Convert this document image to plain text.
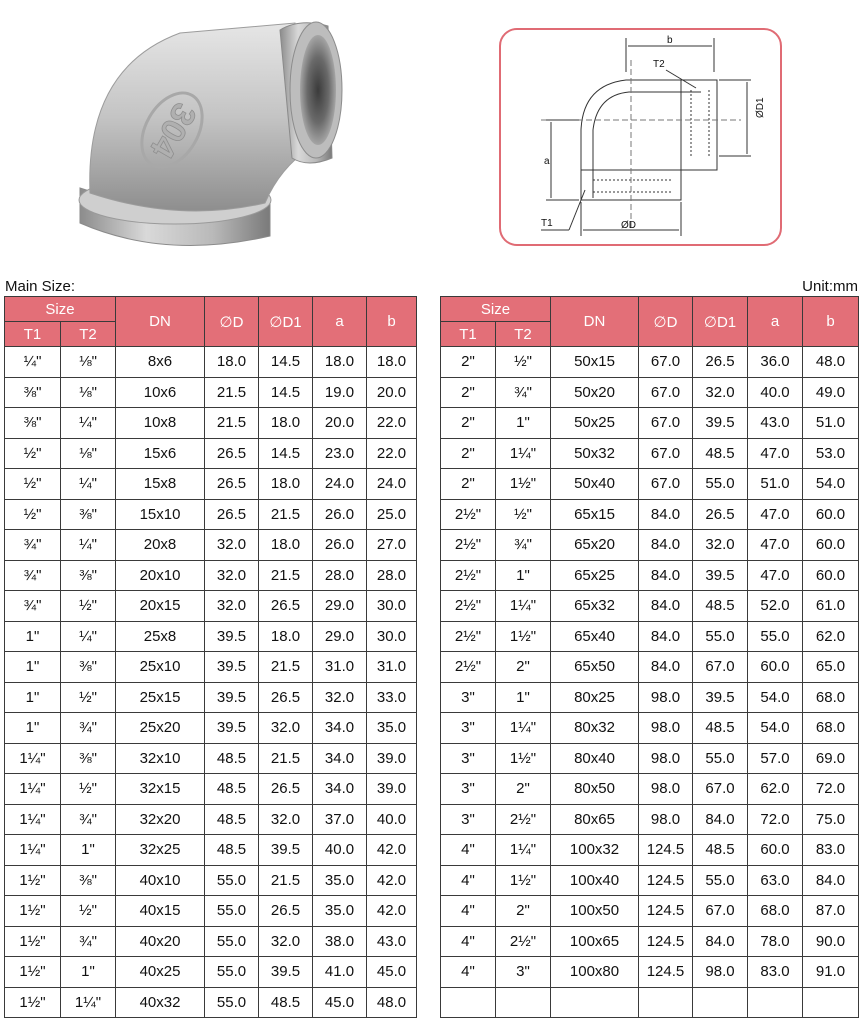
304
b
T2
ØD1
a
T1	ØD
Main Size:	Unit:mm
Size		DN	∅D	∅D1	a	b
T1	T2					
¼"	⅛"	8x6	18.0	14.5	18.0	18.0
⅜"	⅛"	10x6	21.5	14.5	19.0	20.0
⅜"	¼"	10x8	21.5	18.0	20.0	22.0
½"	⅛"	15x6	26.5	14.5	23.0	22.0
½"	¼"	15x8	26.5	18.0	24.0	24.0
½"	⅜"	15x10	26.5	21.5	26.0	25.0
¾"	¼"	20x8	32.0	18.0	26.0	27.0
¾"	⅜"	20x10	32.0	21.5	28.0	28.0
¾"	½"	20x15	32.0	26.5	29.0	30.0
1"	¼"	25x8	39.5	18.0	29.0	30.0
1"	⅜"	25x10	39.5	21.5	31.0	31.0
1"	½"	25x15	39.5	26.5	32.0	33.0
1"	¾"	25x20	39.5	32.0	34.0	35.0
1¼"	⅜"	32x10	48.5	21.5	34.0	39.0
1¼"	½"	32x15	48.5	26.5	34.0	39.0
1¼"	¾"	32x20	48.5	32.0	37.0	40.0
1¼"	1"	32x25	48.5	39.5	40.0	42.0
1½"	⅜"	40x10	55.0	21.5	35.0	42.0
1½"	½"	40x15	55.0	26.5	35.0	42.0
1½"	¾"	40x20	55.0	32.0	38.0	43.0
1½"	1"	40x25	55.0	39.5	41.0	45.0
1½"	1¼"	40x32	55.0	48.5	45.0	48.0
Size		DN	∅D	∅D1	a	b
T1	T2					
2"	½"	50x15	67.0	26.5	36.0	48.0
2"	¾"	50x20	67.0	32.0	40.0	49.0
2"	1"	50x25	67.0	39.5	43.0	51.0
2"	1¼"	50x32	67.0	48.5	47.0	53.0
2"	1½"	50x40	67.0	55.0	51.0	54.0
2½"	½"	65x15	84.0	26.5	47.0	60.0
2½"	¾"	65x20	84.0	32.0	47.0	60.0
2½"	1"	65x25	84.0	39.5	47.0	60.0
2½"	1¼"	65x32	84.0	48.5	52.0	61.0
2½"	1½"	65x40	84.0	55.0	55.0	62.0
2½"	2"	65x50	84.0	67.0	60.0	65.0
3"	1"	80x25	98.0	39.5	54.0	68.0
3"	1¼"	80x32	98.0	48.5	54.0	68.0
3"	1½"	80x40	98.0	55.0	57.0	69.0
3"	2"	80x50	98.0	67.0	62.0	72.0
3"	2½"	80x65	98.0	84.0	72.0	75.0
4"	1¼"	100x32	124.5	48.5	60.0	83.0
4"	1½"	100x40	124.5	55.0	63.0	84.0
4"	2"	100x50	124.5	67.0	68.0	87.0
4"	2½"	100x65	124.5	84.0	78.0	90.0
4"	3"	100x80	124.5	98.0	83.0	91.0
